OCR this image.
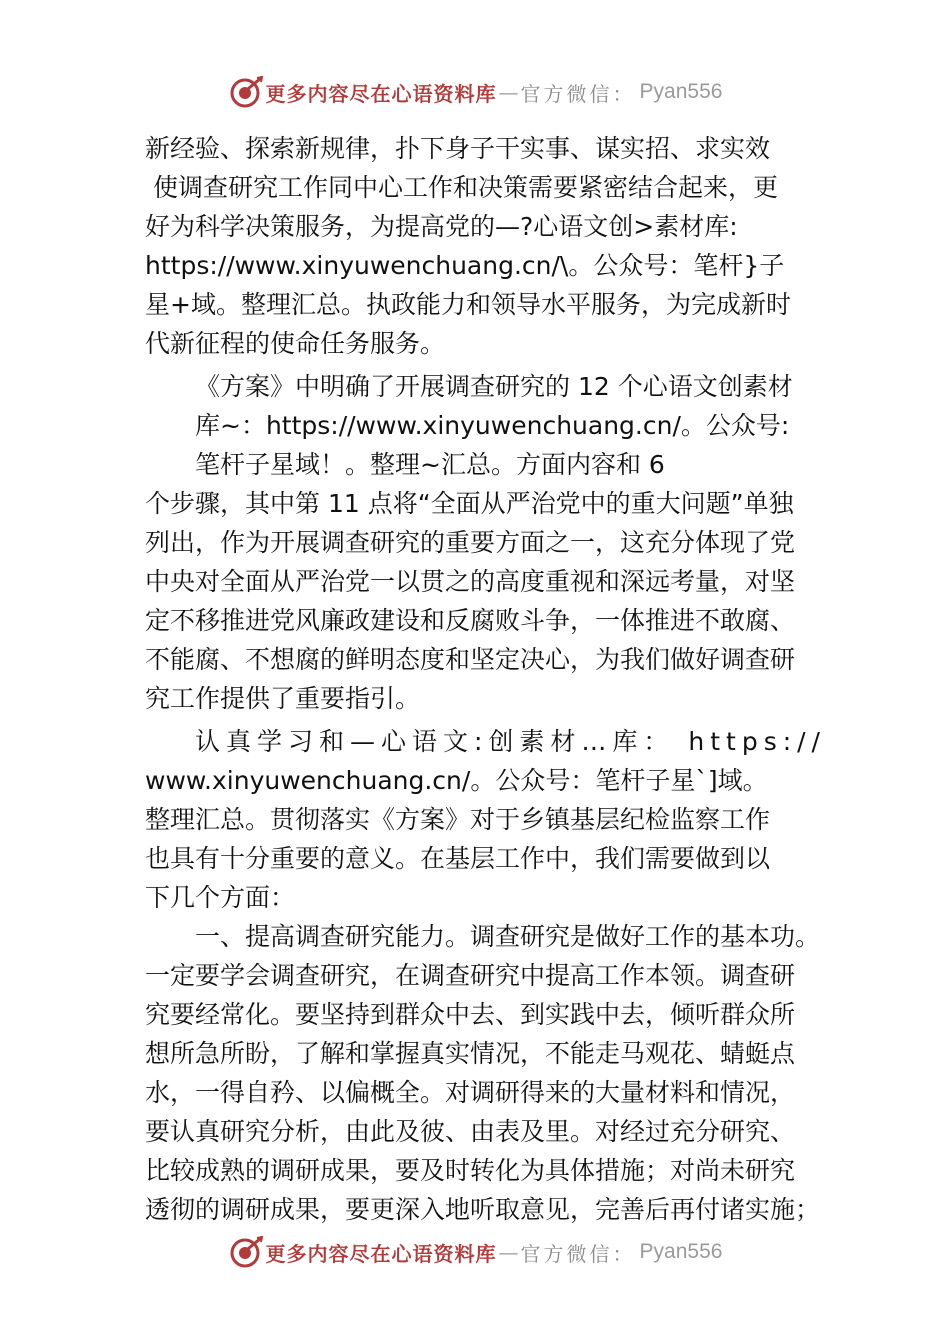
更多内容尽在心语资料库 — 官方微信： Pyan556
新经验、探索新规律，扑下身子干实事、谋实招、求实效
使调查研究工作同中心工作和决策需要紧密结合起来，更
好为科学决策服务，为提高党的—?心语文创>素材库:
https://www.xinyuwenchuang.cn/\。公众号：笔杆}子
星+域。整理汇总。执政能力和领导水平服务，为完成新时
代新征程的使命任务服务。
《方案》中明确了开展调查研究的 12 个心语文创素材
库~：https://www.xinyuwenchuang.cn/。公众号:
笔杆子星域！。整理~汇总。方面内容和 6
个步骤，其中第 11 点将“全面从严治党中的重大问题”单独
列出，作为开展调查研究的重要方面之一，这充分体现了党
中央对全面从严治党一以贯之的高度重视和深远考量，对坚
定不移推进党风廉政建设和反腐败斗争，一体推进不敢腐、
不能腐、不想腐的鲜明态度和坚定决心，为我们做好调查研
究工作提供了重要指引。
认真学习和—心语文:创素材…库： https://
www.xinyuwenchuang.cn/。公众号：笔杆子星`]域。
整理汇总。贯彻落实《方案》对于乡镇基层纪检监察工作
也具有十分重要的意义。在基层工作中，我们需要做到以
下几个方面：
一、提高调查研究能力。调查研究是做好工作的基本功。
一定要学会调查研究，在调查研究中提高工作本领。调查研
究要经常化。要坚持到群众中去、到实践中去，倾听群众所
想所急所盼，了解和掌握真实情况，不能走马观花、蜻蜓点
水，一得自矜、以偏概全。对调研得来的大量材料和情况，
要认真研究分析，由此及彼、由表及里。对经过充分研究、
比较成熟的调研成果，要及时转化为具体措施；对尚未研究
透彻的调研成果，要更深入地听取意见，完善后再付诸实施；
更多内容尽在心语资料库 — 官方微信： Pyan556
